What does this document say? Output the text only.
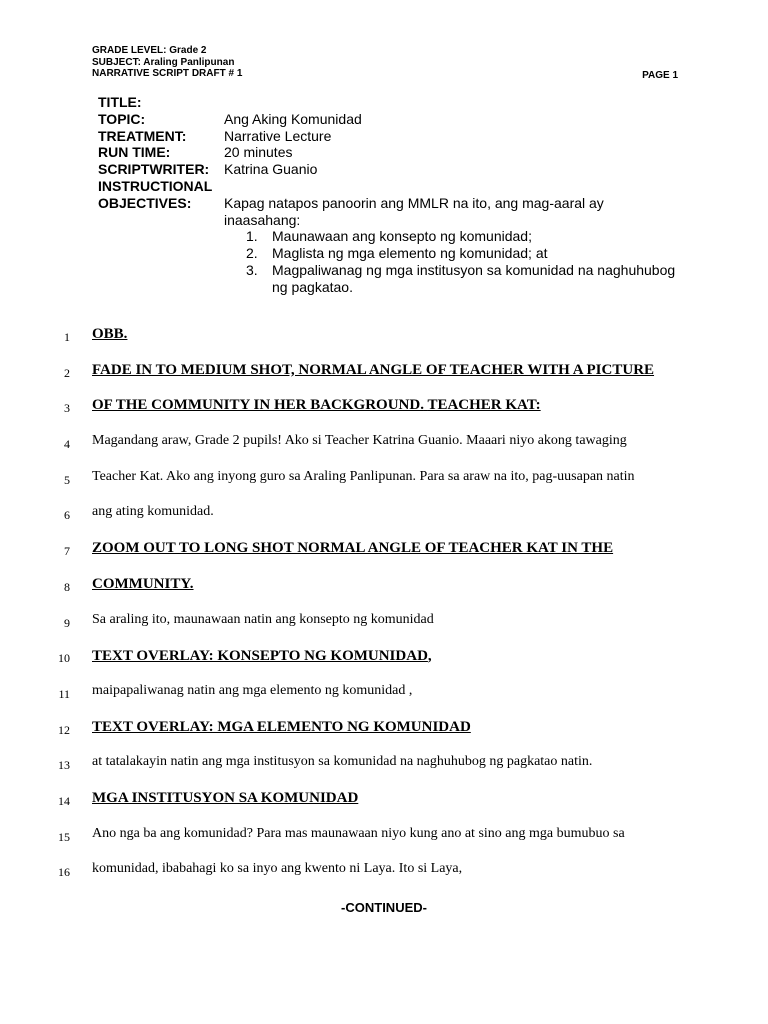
GRADE LEVEL: Grade 2
SUBJECT: Araling Panlipunan
NARRATIVE SCRIPT DRAFT # 1	PAGE 1
TITLE:
TOPIC:	Ang Aking Komunidad
TREATMENT:	Narrative Lecture
RUN TIME:	20 minutes
SCRIPTWRITER:	Katrina Guanio
INSTRUCTIONAL
OBJECTIVES:	Kapag natapos panoorin ang MMLR na ito, ang mag-aaral ay inaasahang:
1.	Maunawaan ang konsepto ng komunidad;
2.	Maglista ng mga elemento ng komunidad; at
3.	Magpaliwanag ng mga institusyon sa komunidad na naghuhubog ng pagkatao.
1 OBB.
2 FADE IN TO MEDIUM SHOT, NORMAL ANGLE OF TEACHER WITH A PICTURE
3 OF THE COMMUNITY IN HER BACKGROUND. TEACHER KAT:
4 Magandang araw, Grade 2 pupils! Ako si Teacher Katrina Guanio. Maaari niyo akong tawaging
5 Teacher Kat. Ako ang inyong guro sa Araling Panlipunan. Para sa araw na ito, pag-uusapan natin
6 ang ating komunidad.
7 ZOOM OUT TO LONG SHOT NORMAL ANGLE OF TEACHER KAT IN THE
8 COMMUNITY.
9 Sa araling ito, maunawaan natin ang konsepto ng komunidad
10 TEXT OVERLAY: KONSEPTO NG KOMUNIDAD,
11 maipapaliwanag natin ang mga elemento ng komunidad ,
12 TEXT OVERLAY: MGA ELEMENTO NG KOMUNIDAD
13 at tatalakayin natin ang mga institusyon sa komunidad na naghuhubog ng pagkatao natin.
14 MGA INSTITUSYON SA KOMUNIDAD
15 Ano nga ba ang komunidad? Para mas maunawaan niyo kung ano at sino ang mga bumubuo sa
16 komunidad, ibabahagi ko sa inyo ang kwento ni Laya. Ito si Laya,
-CONTINUED-
